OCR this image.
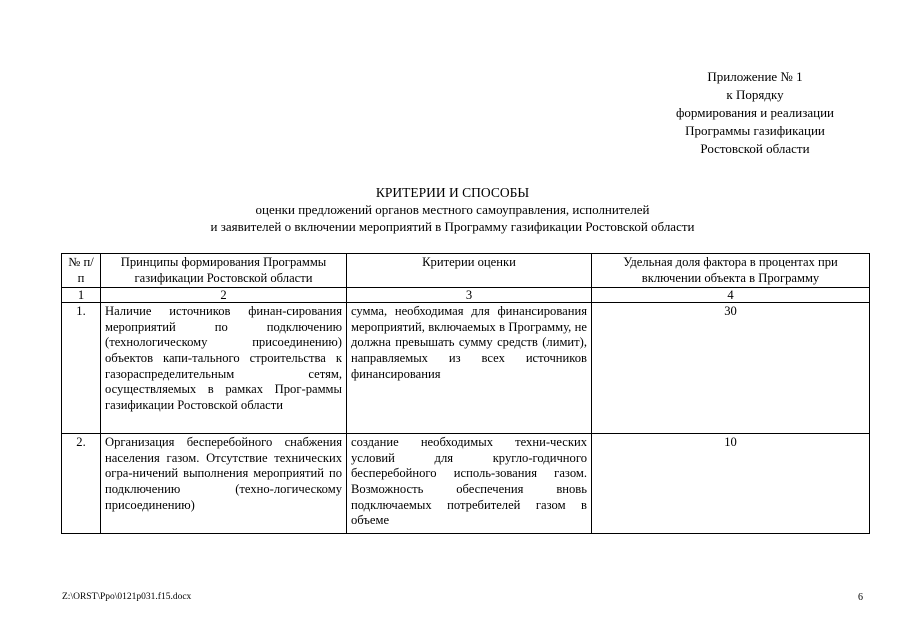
Приложение № 1
к Порядку
формирования и реализации
Программы газификации
Ростовской области
КРИТЕРИИ И СПОСОБЫ
оценки предложений органов местного самоуправления, исполнителей
и заявителей о включении мероприятий в Программу газификации Ростовской области
№ п/п	Принципы формирования Программы газификации Ростовской области	Критерии оценки	Удельная доля фактора в процентах при включении объекта в Программу
1	2	3	4
1.	Наличие источников финан-сирования мероприятий по подключению (технологическому присоединению) объектов капи-тального строительства к газораспределительным сетям, осуществляемых в рамках Прог-раммы газификации Ростовской области	сумма, необходимая для финансирования мероприятий, включаемых в Программу, не должна превышать сумму средств (лимит), направляемых из всех источников финансирования	30
2.	Организация бесперебойного снабжения населения газом. Отсутствие технических огра-ничений выполнения мероприятий по подключению (техно-логическому присоединению)	создание необходимых техни-ческих условий для кругло-годичного бесперебойного исполь-зования газом. Возможность обеспечения вновь подключаемых потребителей газом в объеме	10
Z:\ORST\Ppo\0121p031.f15.docx	6
